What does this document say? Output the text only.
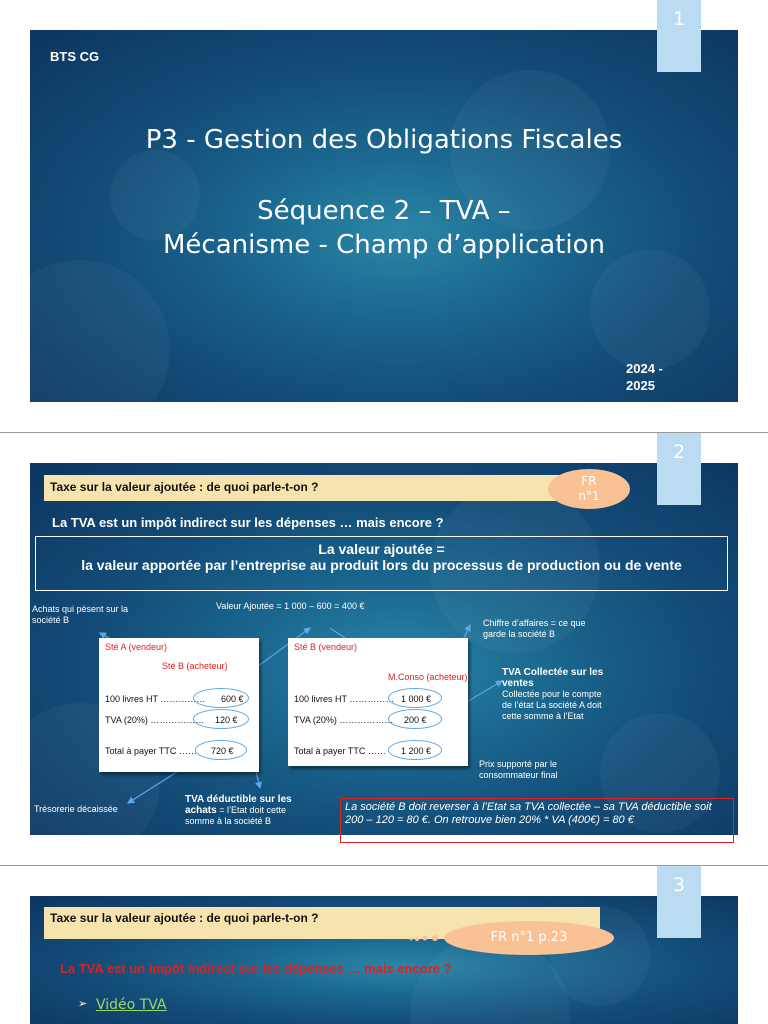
BTS CG
P3 - Gestion des Obligations Fiscales
Séquence 2 – TVA –
Mécanisme - Champ d’application
2024 -
2025
1
Taxe sur la valeur ajoutée : de quoi parle-t-on ?	FR
n°1
La TVA est un impôt indirect sur les dépenses … mais encore ?
La valeur ajoutée =
la valeur apportée par l’entreprise au produit lors du processus de production ou de vente
Achats qui pèsent sur la société B
Valeur Ajoutée = 1 000 – 600 = 400 €
Chiffre d’affaires = ce que garde la société B
Sté A (vendeur)
Sté B (acheteur)
100 livres HT …………… 600 €
TVA (20%) ……………… 120 €
Total à payer TTC …… 720 €
Sté B (vendeur)
M.Conso (acheteur)
100 livres HT …………… 1 000 €
TVA (20%) ……………… 200 €
Total à payer TTC …… 1 200 €
TVA Collectée sur les ventes
Collectée pour le compte de l’état La société A doit cette somme à l’Etat
Prix supporté par le consommateur final
Trésorerie décaissée
TVA déductible sur les achats = l’Etat doit cette somme à la société B
2
La société B doit reverser à l’Etat sa TVA collectée – sa TVA déductible soit 200 – 120 = 80 €. On retrouve bien 20% * VA (400€) = 80 €
Taxe sur la valeur ajoutée : de quoi parle-t-on ?
FR n°1 p.23
La TVA est un impôt indirect sur les dépenses … mais encore ?
➢ Vidéo TVA
3
